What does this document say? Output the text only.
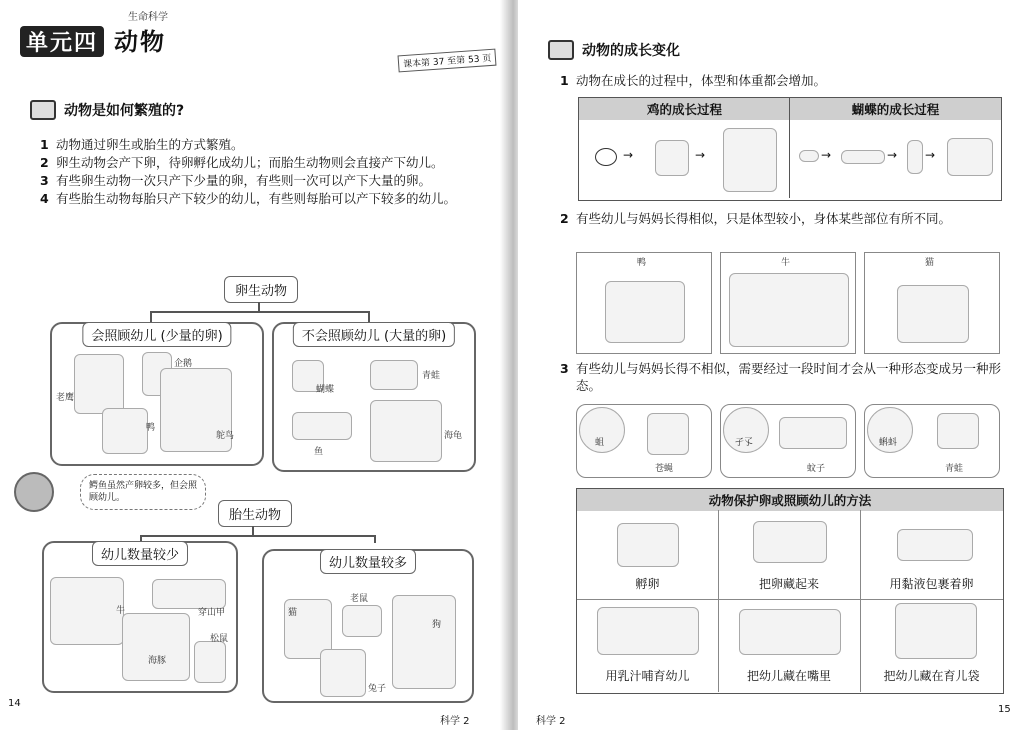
生命科学
单元四 动物
课本第 37 至第 53 页
动物是如何繁殖的?
1 动物通过卵生或胎生的方式繁殖。
2 卵生动物会产下卵，待卵孵化成幼儿；而胎生动物则会直接产下幼儿。
3 有些卵生动物一次只产下少量的卵，有些则一次可以产下大量的卵。
4 有些胎生动物每胎只产下较少的幼儿，有些则每胎可以产下较多的幼儿。
卵生动物
会照顾幼儿 (少量的卵)
老鹰
企鹅
鸭
鸵鸟
不会照顾幼儿 (大量的卵)
蝴蝶
青蛙
鱼
海龟
鳄鱼虽然产卵较多，但会照顾幼儿。
胎生动物
幼儿数量较少
牛	穿山甲
海豚
松鼠
幼儿数量较多
猫
老鼠
狗
兔子
14
科学 2
动物的成长变化
1 动物在成长的过程中，体型和体重都会增加。
鸡的成长过程	蝴蝶的成长过程
→	→	→	→ →
2 有些幼儿与妈妈长得相似，只是体型较小，身体某些部位有所不同。
鸭	牛	猫
3 有些幼儿与妈妈长得不相似，需要经过一段时间才会从一种形态变成另一种形态。
蛆
苍蝇
孑孓
蚊子
蝌蚪
青蛙
动物保护卵或照顾幼儿的方法
孵卵	把卵藏起来	用黏液包裹着卵
用乳汁哺育幼儿	把幼儿藏在嘴里	把幼儿藏在育儿袋
科学 2
15
